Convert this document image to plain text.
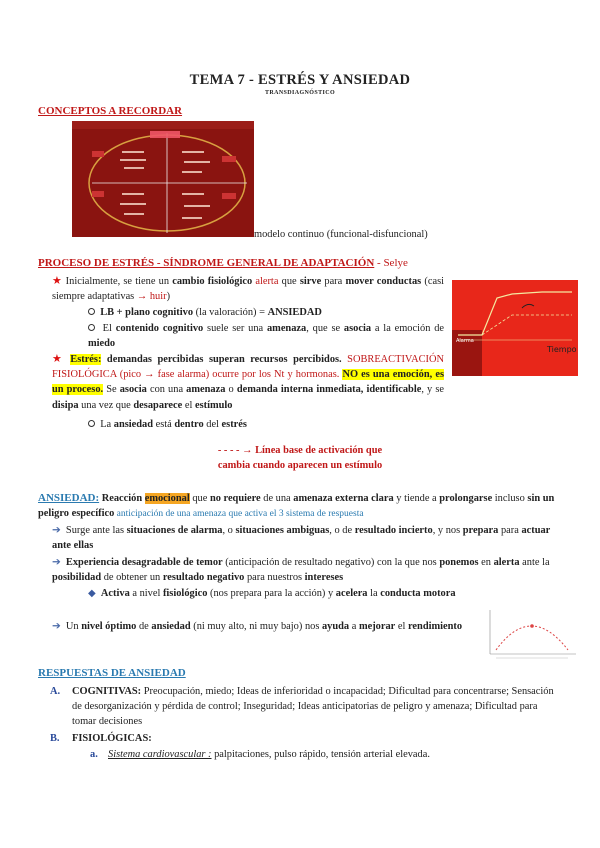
TEMA 7 - ESTRÉS Y ANSIEDAD
TRANSDIAGNÓSTICO
CONCEPTOS A RECORDAR
modelo continuo (funcional-disfuncional)
PROCESO DE ESTRÉS - SÍNDROME GENERAL DE ADAPTACIÓN - Selye
★ Inicialmente, se tiene un cambio fisiológico alerta que sirve para mover conductas (casi siempre adaptativas → huir)
LB + plano cognitivo (la valoración) = ANSIEDAD
El contenido cognitivo suele ser una amenaza, que se asocia a la emoción de miedo
★ Estrés: demandas percibidas superan recursos percibidos. SOBREACTIVACIÓN FISIOLÓGICA (pico → fase alarma) ocurre por los Nt y hormonas. NO es una emoción, es un proceso. Se asocia con una amenaza o demanda interna inmediata, identificable, y se disipa una vez que desaparece el estímulo
Tiempo
Alarma
La ansiedad está dentro del estrés
- - - - → Línea base de activación que
cambia cuando aparecen un estímulo
ANSIEDAD: Reacción emocional que no requiere de una amenaza externa clara y tiende a prolongarse incluso sin un peligro específico anticipación de una amenaza que activa el 3 sistema de respuesta
➔ Surge ante las situaciones de alarma, o situaciones ambiguas, o de resultado incierto, y nos prepara para actuar ante ellas
➔ Experiencia desagradable de temor (anticipación de resultado negativo) con la que nos ponemos en alerta ante la posibilidad de obtener un resultado negativo para nuestros intereses
◆ Activa a nivel fisiológico (nos prepara para la acción) y acelera la conducta motora
➔ Un nivel óptimo de ansiedad (ni muy alto, ni muy bajo) nos ayuda a mejorar el rendimiento
RESPUESTAS DE ANSIEDAD
A.	COGNITIVAS: Preocupación, miedo; Ideas de inferioridad o incapacidad; Dificultad para concentrarse; Sensación de desorganización y pérdida de control; Inseguridad; Ideas anticipatorias de peligro y amenaza; Dificultad para tomar decisiones
B.	FISIOLÓGICAS:
a. Sistema cardiovascular : palpitaciones, pulso rápido, tensión arterial elevada.
